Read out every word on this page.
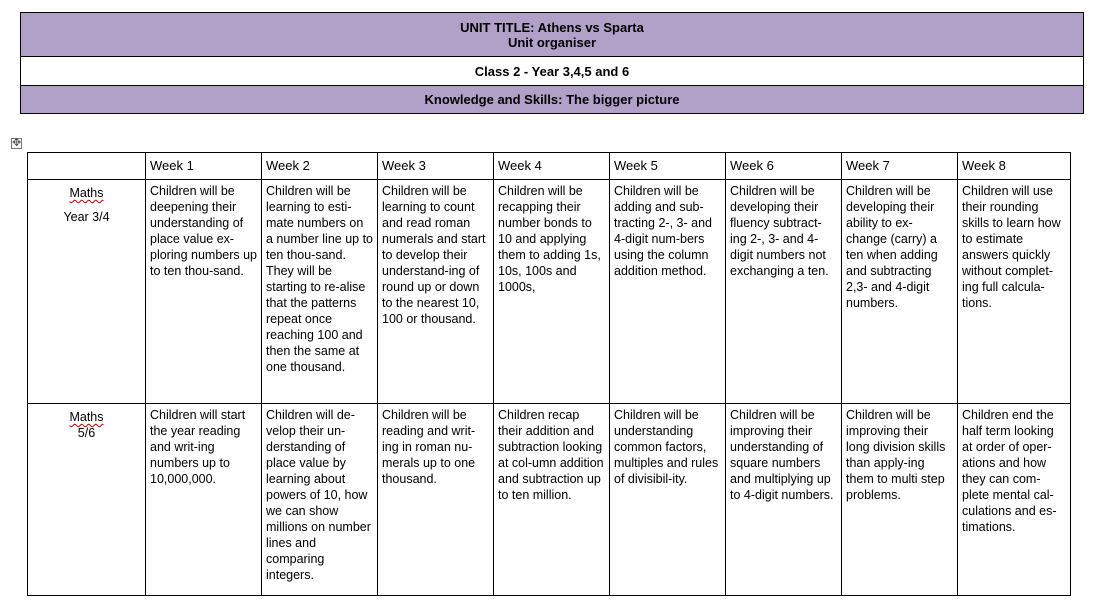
UNIT TITLE: Athens vs Sparta
Unit organiser

Class 2 - Year 3,4,5 and 6
Knowledge and Skills: The bigger picture
✥
	Week 1	Week 2	Week 3	Week 4	Week 5	Week 6	Week 7	Week 8
Maths
Year 3/4	Children will be deepening their understanding of place value ex-ploring numbers up to ten thou-sand.	Children will be learning to esti-mate numbers on a number line up to ten thou-sand. They will be starting to re-alise that the patterns repeat once reaching 100 and then the same at one thousand.	Children will be learning to count and read roman numerals and start to develop their understand-ing of round up or down to the nearest 10, 100 or thousand.	Children will be recapping their number bonds to 10 and applying them to adding 1s, 10s, 100s and 1000s,	Children will be adding and sub-tracting 2-, 3- and 4-digit num-bers using the column addition method.	Children will be developing their fluency subtract-ing 2-, 3- and 4-digit numbers not exchanging a ten.	Children will be developing their ability to ex-change (carry) a ten when adding and subtracting 2,3- and 4-digit numbers.	Children will use their rounding skills to learn how to estimate answers quickly without complet-ing full calcula-tions.
Maths
5/6	Children will start the year reading and writ-ing numbers up to 10,000,000.	Children will de-velop their un-derstanding of place value by learning about powers of 10, how we can show millions on number lines and comparing integers.	Children will be reading and writ-ing in roman nu-merals up to one thousand.	Children recap their addition and subtraction looking at col-umn addition and subtraction up to ten million.	Children will be understanding common factors, multiples and rules of divisibil-ity.	Children will be improving their understanding of square numbers and multiplying up to 4-digit numbers.	Children will be improving their long division skills than apply-ing them to multi step problems.	Children end the half term looking at order of oper-ations and how they can com-plete mental cal-culations and es-timations.
